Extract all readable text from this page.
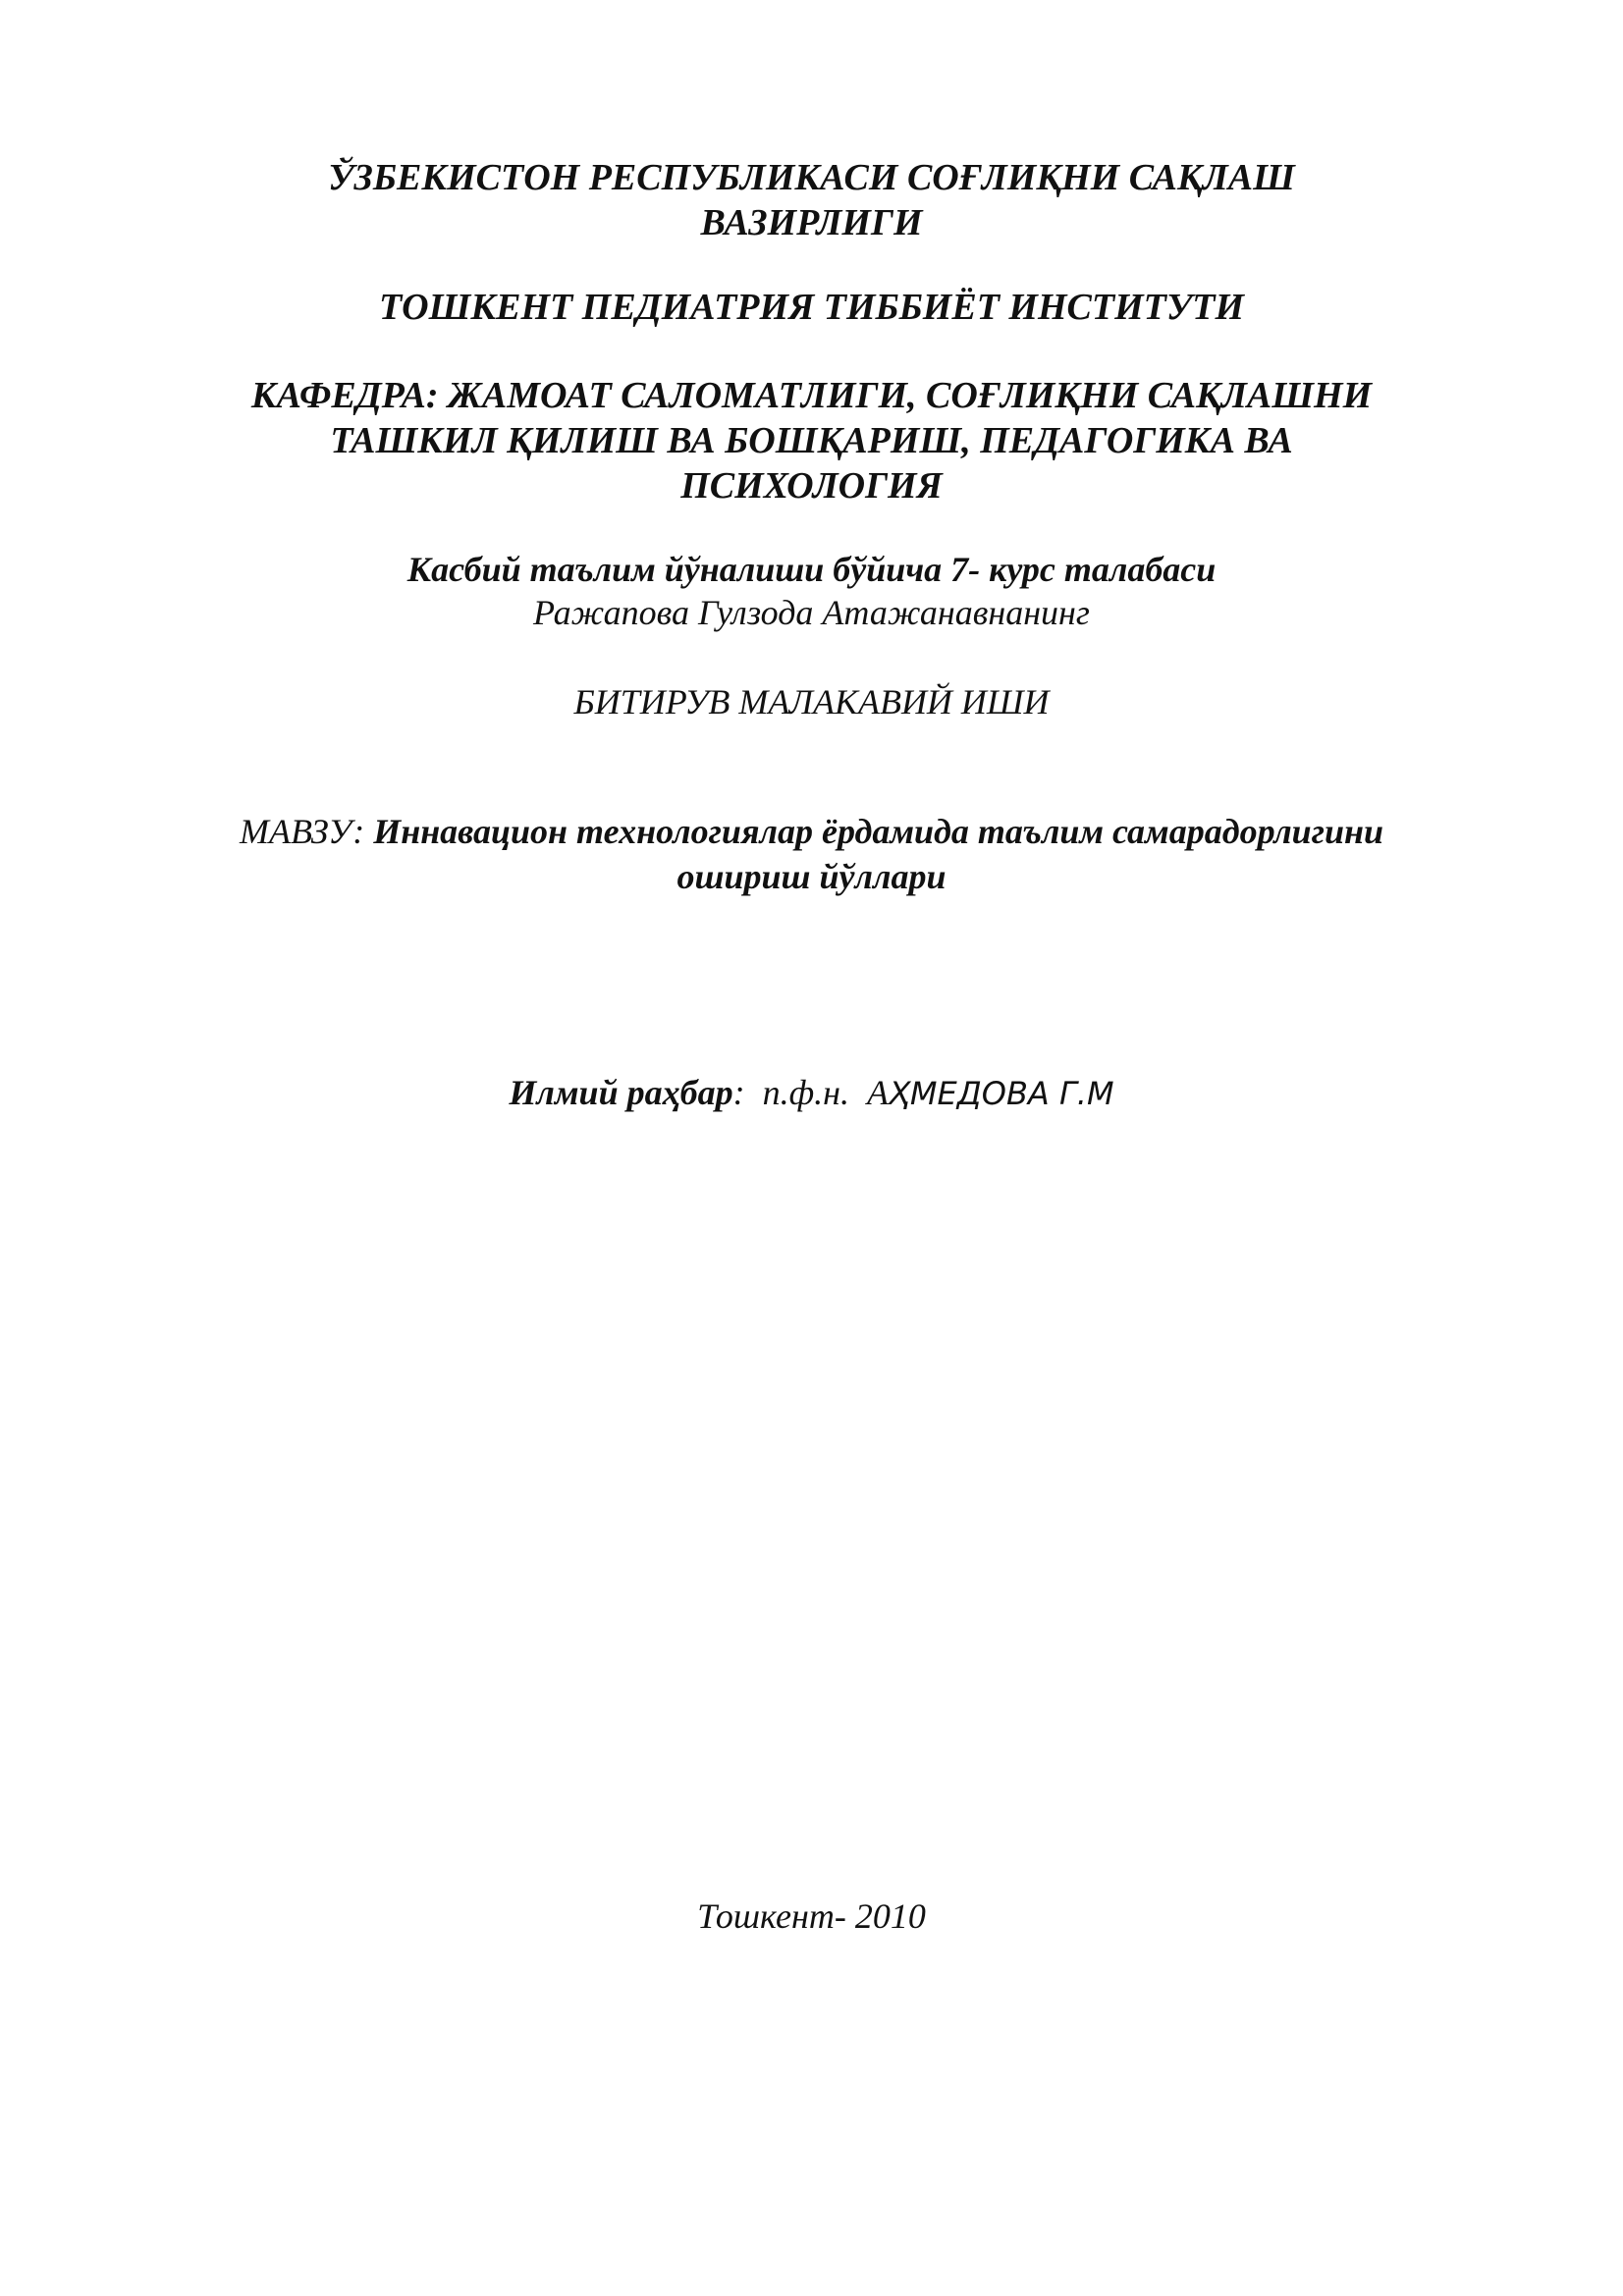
ЎЗБЕКИСТОН РЕСПУБЛИКАСИ СОҒЛИҚНИ САҚЛАШ
ВАЗИРЛИГИ
ТОШКЕНТ ПЕДИАТРИЯ ТИББИЁТ ИНСТИТУТИ
КАФЕДРА: ЖАМОАТ САЛОМАТЛИГИ, СОҒЛИҚНИ САҚЛАШНИ
ТАШКИЛ ҚИЛИШ ВА БОШҚАРИШ, ПЕДАГОГИКА ВА
ПСИХОЛОГИЯ
Касбий таълим йўналиши бўйича 7- курс талабаси
Ражапова Гулзода Атажанавнанинг
БИТИРУВ МАЛАКАВИЙ ИШИ
МАВЗУ: Иннавацион технологиялар ёрдамида таълим самарадорлигини
ошириш йўллари
Илмий раҳбар:  п.ф.н.  АҲМЕДОВА Г.М
Тошкент- 2010
